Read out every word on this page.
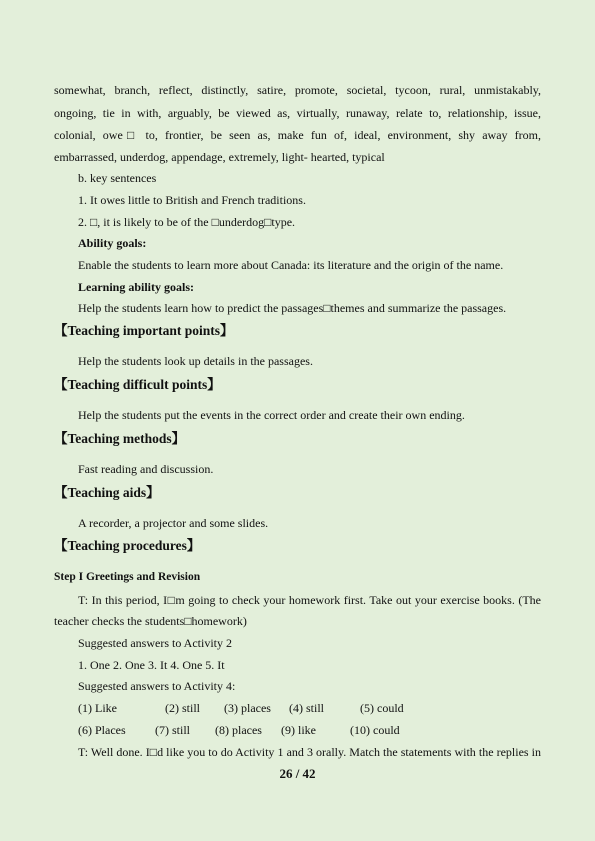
somewhat, branch, reflect, distinctly, satire, promote, societal, tycoon, rural, unmistakably,
ongoing, tie in with, arguably, be viewed as, virtually, runaway, relate to, relationship, issue,
colonial, owe□ to, frontier, be seen as, make fun of, ideal, environment, shy away from,
embarrassed, underdog, appendage, extremely, light- hearted, typical
b. key sentences
1. It owes little to British and French traditions.
2. □, it is likely to be of the □underdog□type.
Ability goals:
Enable the students to learn more about Canada: its literature and the origin of the name.
Learning ability goals:
Help the students learn how to predict the passages□themes and summarize the passages.
【Teaching important points】
Help the students look up details in the passages.
【Teaching difficult points】
Help the students put the events in the correct order and create their own ending.
【Teaching methods】
Fast reading and discussion.
【Teaching aids】
A recorder, a projector and some slides.
【Teaching procedures】
Step I Greetings and Revision
T: In this period, I□m going to check your homework first. Take out your exercise books. (The
teacher checks the students□homework)
Suggested answers to Activity 2
1. One 2. One 3. It 4. One 5. It
Suggested answers to Activity 4:
(1) Like	(2) still (3) places (4) still	(5) could
(6) Places (7) still (8) places (9) like	(10) could
T: Well done. I□d like you to do Activity 1 and 3 orally. Match the statements with the replies in
26 / 42
